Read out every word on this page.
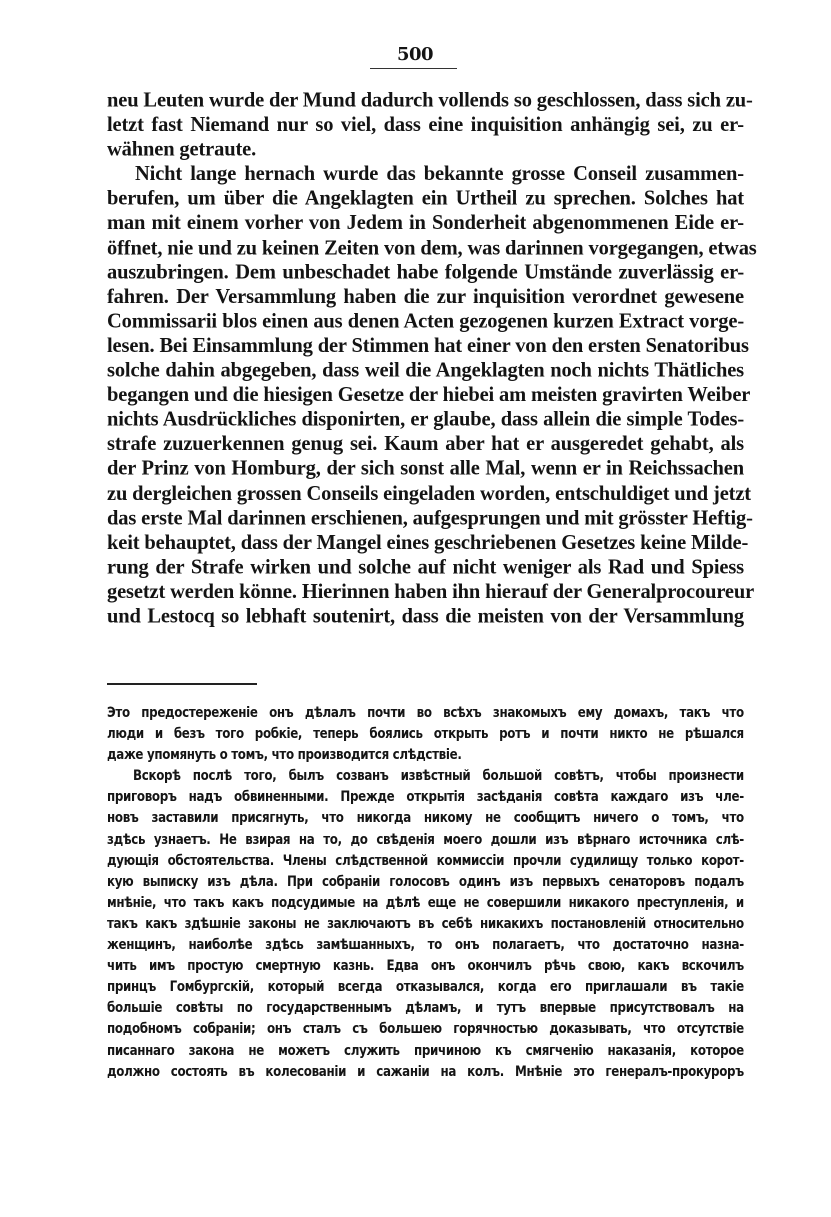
500

neu Leuten wurde der Mund dadurch vollends so geschlossen, dass sich zu-
letzt fast Niemand nur so viel, dass eine inquisition anhängig sei, zu er-
wähnen getraute.

Nicht lange hernach wurde das bekannte grosse Conseil zusammen-
berufen, um über die Angeklagten ein Urtheil zu sprechen. Solches hat
man mit einem vorher von Jedem in Sonderheit abgenommenen Eide er-
öffnet, nie und zu keinen Zeiten von dem, was darinnen vorgegangen, etwas
auszubringen. Dem unbeschadet habe folgende Umstände zuverlässig er-
fahren. Der Versammlung haben die zur inquisition verordnet gewesene
Commissarii blos einen aus denen Acten gezogenen kurzen Extract vorge-
lesen. Bei Einsammlung der Stimmen hat einer von den ersten Senatoribus
solche dahin abgegeben, dass weil die Angeklagten noch nichts Thätliches
begangen und die hiesigen Gesetze der hiebei am meisten gravirten Weiber
nichts Ausdrückliches disponirten, er glaube, dass allein die simple Todes-
strafe zuzuerkennen genug sei. Kaum aber hat er ausgeredet gehabt, als
der Prinz von Homburg, der sich sonst alle Mal, wenn er in Reichssachen
zu dergleichen grossen Conseils eingeladen worden, entschuldiget und jetzt
das erste Mal darinnen erschienen, aufgesprungen und mit grösster Heftig-
keit behauptet, dass der Mangel eines geschriebenen Gesetzes keine Milde-
rung der Strafe wirken und solche auf nicht weniger als Rad und Spiess
gesetzt werden könne. Hierinnen haben ihn hierauf der Generalprocoureur
und Lestocq so lebhaft soutenirt, dass die meisten von der Versammlung

Это предостереженіе онъ дѣлалъ почти во всѣхъ знакомыхъ ему домахъ, такъ что
люди и безъ того робкіе, теперь боялись открыть ротъ и почти никто не рѣшался
даже упомянуть о томъ, что производится слѣдствіе.

Вскорѣ послѣ того, былъ созванъ извѣстный большой совѣтъ, чтобы произнести
приговоръ надъ обвиненными. Прежде открытія засѣданія совѣта каждаго изъ чле-
новъ заставили присягнуть, что никогда никому не сообщитъ ничего о томъ, что
здѣсь узнаетъ. Не взирая на то, до свѣденія моего дошли изъ вѣрнаго источника слѣ-
дующія обстоятельства. Члены слѣдственной коммиссіи прочли судилищу только корот-
кую выписку изъ дѣла. При собраніи голосовъ одинъ изъ первыхъ сенаторовъ подалъ
мнѣніе, что такъ какъ подсудимые на дѣлѣ еще не совершили никакого преступленія, и
такъ какъ здѣшніе законы не заключаютъ въ себѣ никакихъ постановленій относительно
женщинъ, наиболѣе здѣсь замѣшанныхъ, то онъ полагаетъ, что достаточно назна-
чить имъ простую смертную казнь. Едва онъ окончилъ рѣчь свою, какъ вскочилъ
принцъ Гомбургскій, который всегда отказывался, когда его приглашали въ такіе
большіе совѣты по государственнымъ дѣламъ, и тутъ впервые присутствовалъ на
подобномъ собраніи; онъ сталъ съ большею горячностью доказывать, что отсутствіе
писаннаго закона не можетъ служить причиною къ смягченію наказанія, которое
должно состоять въ колесованіи и сажаніи на колъ. Мнѣніе это генералъ-прокуроръ
